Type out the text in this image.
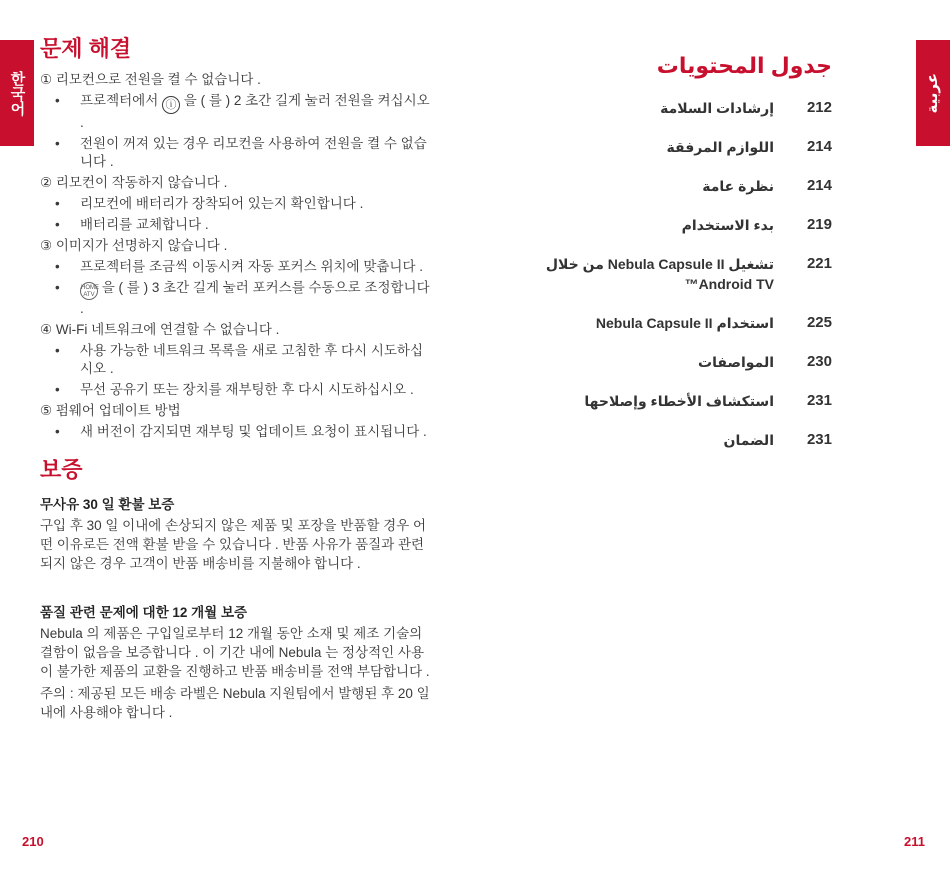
한국어	عربية
문제 해결
① 리모컨으로 전원을 켤 수 없습니다 .
• 프로젝터에서 ⓘ 을 ( 를 ) 2 초간 길게 눌러 전원을 켜십시오 .
• 전원이 꺼져 있는 경우 리모컨을 사용하여 전원을 켤 수 없습니다 .
② 리모컨이 작동하지 않습니다 .
• 리모컨에 배터리가 장착되어 있는지 확인합니다 .
• 배터리를 교체합니다 .
③ 이미지가 선명하지 않습니다 .
• 프로젝터를 조금씩 이동시켜 자동 포커스 위치에 맞춥니다 .
• HOME
ATV 을 ( 를 ) 3 초간 길게 눌러 포커스를 수동으로 조정합니다 .
④ Wi-Fi 네트워크에 연결할 수 없습니다 .
• 사용 가능한 네트워크 목록을 새로 고침한 후 다시 시도하십시오 .
• 무선 공유기 또는 장치를 재부팅한 후 다시 시도하십시오 .
⑤ 펌웨어 업데이트 방법
• 새 버전이 감지되면 재부팅 및 업데이트 요청이 표시됩니다 .
보증
무사유 30 일 환불 보증
구입 후 30 일 이내에 손상되지 않은 제품 및 포장을 반품할 경우 어떤 이유로든 전액 환불 받을 수 있습니다 . 반품 사유가 품질과 관련되지 않은 경우 고객이 반품 배송비를 지불해야 합니다 .
품질 관련 문제에 대한 12 개월 보증
Nebula 의 제품은 구입일로부터 12 개월 동안 소재 및 제조 기술의 결함이 없음을 보증합니다 . 이 기간 내에 Nebula 는 정상적인 사용이 불가한 제품의 교환을 진행하고 반품 배송비를 전액 부담합니다 .
주의 : 제공된 모든 배송 라벨은 Nebula 지원팀에서 발행된 후 20 일 내에 사용해야 합니다 .
جدول المحتويات
إرشادات السلامة 212
اللوازم المرفقة 214
نظرة عامة 214
بدء الاستخدام 219
تشغيل Nebula Capsule II من خلال Android TV™
221
استخدام Nebula Capsule II 225
المواصفات 230
استكشاف الأخطاء وإصلاحها 231
الضمان 231
210	211
